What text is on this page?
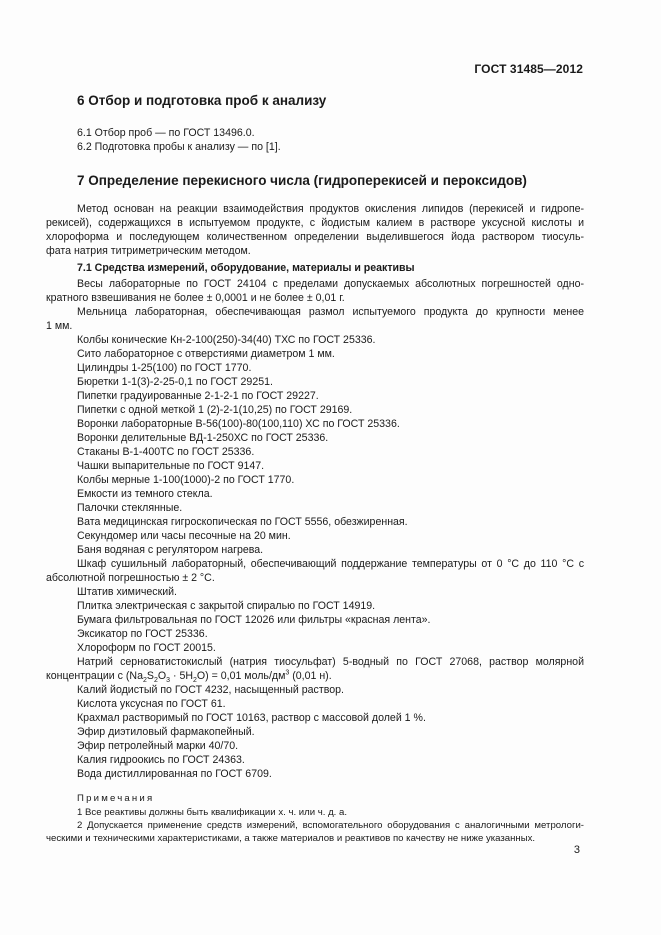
ГОСТ 31485—2012
6 Отбор и подготовка проб к анализу
6.1 Отбор проб — по ГОСТ 13496.0.
6.2 Подготовка пробы к анализу — по [1].
7 Определение перекисного числа (гидроперекисей и пероксидов)
Метод основан на реакции взаимодействия продуктов окисления липидов (перекисей и гидропе-
рекисей), содержащихся в испытуемом продукте, с йодистым калием в растворе уксусной кислоты и
хлороформа и последующем количественном определении выделившегося йода раствором тиосуль-
фата натрия титриметрическим методом.
7.1 Средства измерений, оборудование, материалы и реактивы
Весы лабораторные по ГОСТ 24104 с пределами допускаемых абсолютных погрешностей одно-
кратного взвешивания не более ± 0,0001 и не более ± 0,01 г.
Мельница лабораторная, обеспечивающая размол испытуемого продукта до крупности менее
1 мм.
Колбы конические Кн-2-100(250)-34(40) ТХС по ГОСТ 25336.
Сито лабораторное с отверстиями диаметром 1 мм.
Цилиндры 1-25(100) по ГОСТ 1770.
Бюретки 1-1(3)-2-25-0,1 по ГОСТ 29251.
Пипетки градуированные 2-1-2-1 по ГОСТ 29227.
Пипетки с одной меткой 1 (2)-2-1(10,25) по ГОСТ 29169.
Воронки лабораторные В-56(100)-80(100,110) ХС по ГОСТ 25336.
Воронки делительные ВД-1-250ХС по ГОСТ 25336.
Стаканы В-1-400ТС по ГОСТ 25336.
Чашки выпарительные по ГОСТ 9147.
Колбы мерные 1-100(1000)-2 по ГОСТ 1770.
Емкости из темного стекла.
Палочки стеклянные.
Вата медицинская гигроскопическая по ГОСТ 5556, обезжиренная.
Секундомер или часы песочные на 20 мин.
Баня водяная с регулятором нагрева.
Шкаф сушильный лабораторный, обеспечивающий поддержание температуры от 0 °С до 110 °С с
абсолютной погрешностью ± 2 °С.
Штатив химический.
Плитка электрическая с закрытой спиралью по ГОСТ 14919.
Бумага фильтровальная по ГОСТ 12026 или фильтры «красная лента».
Эксикатор по ГОСТ 25336.
Хлороформ по ГОСТ 20015.
Натрий серноватистокислый (натрия тиосульфат) 5-водный по ГОСТ 27068, раствор молярной
концентрации с $(Na_2S_2O_3 \cdot 5H_2O) = 0,01$ моль/$дм^3$ (0,01 н).
Калий йодистый по ГОСТ 4232, насыщенный раствор.
Кислота уксусная по ГОСТ 61.
Крахмал растворимый по ГОСТ 10163, раствор с массовой долей 1 %.
Эфир диэтиловый фармакопейный.
Эфир петролейный марки 40/70.
Калия гидроокись по ГОСТ 24363.
Вода дистиллированная по ГОСТ 6709.
Примечания
1 Все реактивы должны быть квалификации х. ч. или ч. д. а.
2 Допускается применение средств измерений, вспомогательного оборудования с аналогичными метрологи-
ческими и техническими характеристиками, а также материалов и реактивов по качеству не ниже указанных.
3
